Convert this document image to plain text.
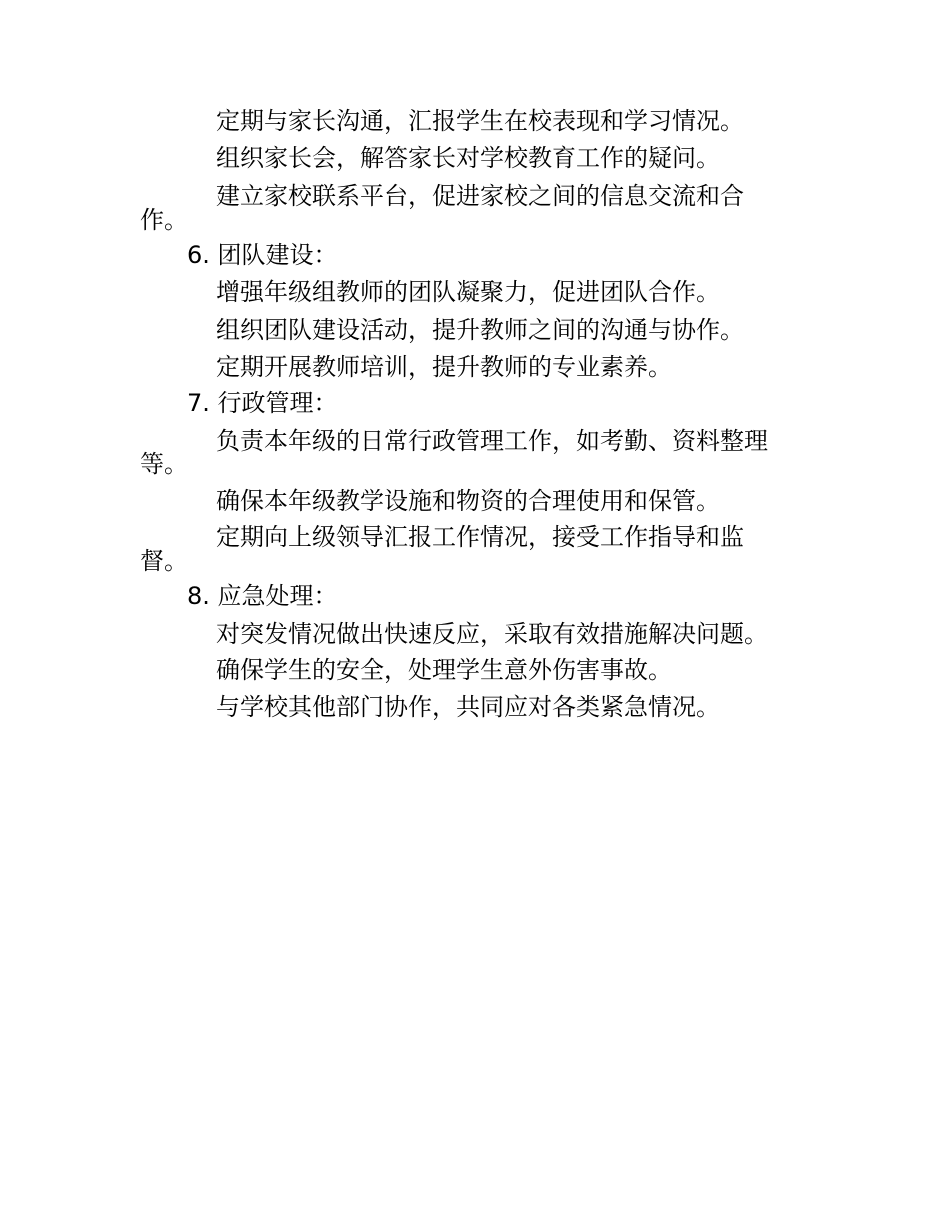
定期与家长沟通，汇报学生在校表现和学习情况。
组织家长会，解答家长对学校教育工作的疑问。
建立家校联系平台，促进家校之间的信息交流和合
作。
6. 团队建设：
增强年级组教师的团队凝聚力，促进团队合作。
组织团队建设活动，提升教师之间的沟通与协作。
定期开展教师培训，提升教师的专业素养。
7. 行政管理：
负责本年级的日常行政管理工作，如考勤、资料整理
等。
确保本年级教学设施和物资的合理使用和保管。
定期向上级领导汇报工作情况，接受工作指导和监
督。
8. 应急处理：
对突发情况做出快速反应，采取有效措施解决问题。
确保学生的安全，处理学生意外伤害事故。
与学校其他部门协作，共同应对各类紧急情况。
